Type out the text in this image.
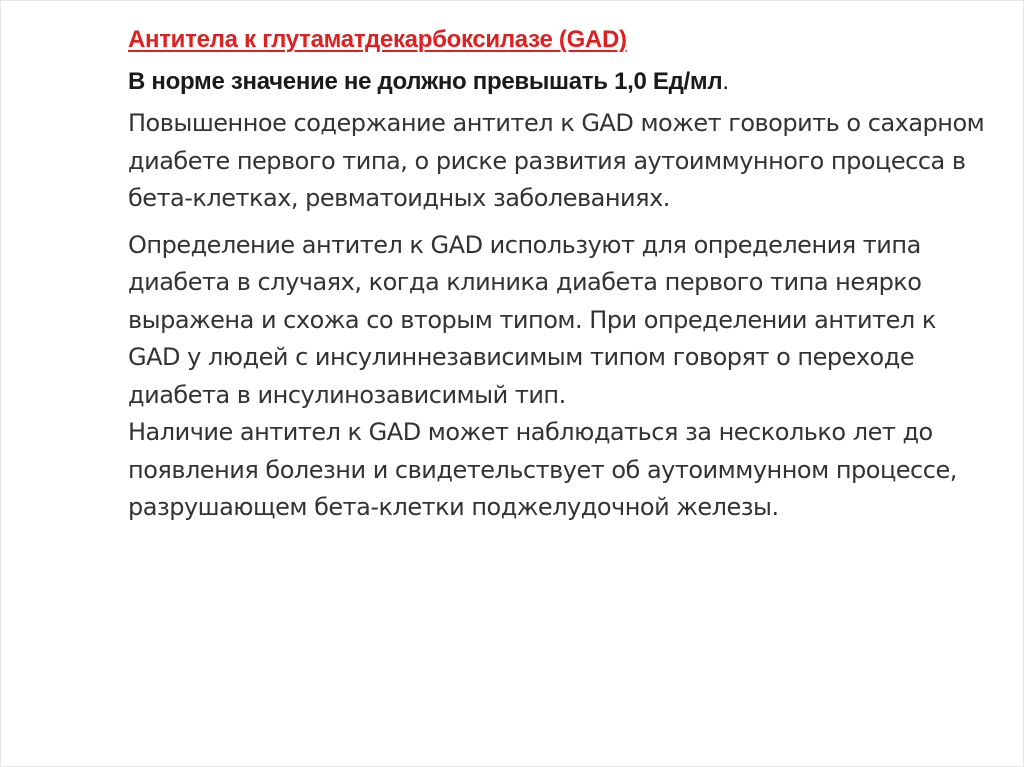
Антитела к глутаматдекарбоксилазе (GAD)

В норме значение не должно превышать 1,0 Ед/мл.

Повышенное содержание антител к GAD может говорить о сахарном диабете первого типа, о риске развития аутоиммунного процесса в бета-клетках, ревматоидных заболеваниях.

Определение антител к GAD используют для определения типа диабета в случаях, когда клиника диабета первого типа неярко выражена и схожа со вторым типом. При определении антител к GAD у людей с инсулиннезависимым типом говорят о переходе диабета в инсулинозависимый тип.

Наличие антител к GAD может наблюдаться за несколько лет до появления болезни и свидетельствует об аутоиммунном процессе, разрушающем бета-клетки поджелудочной железы.
